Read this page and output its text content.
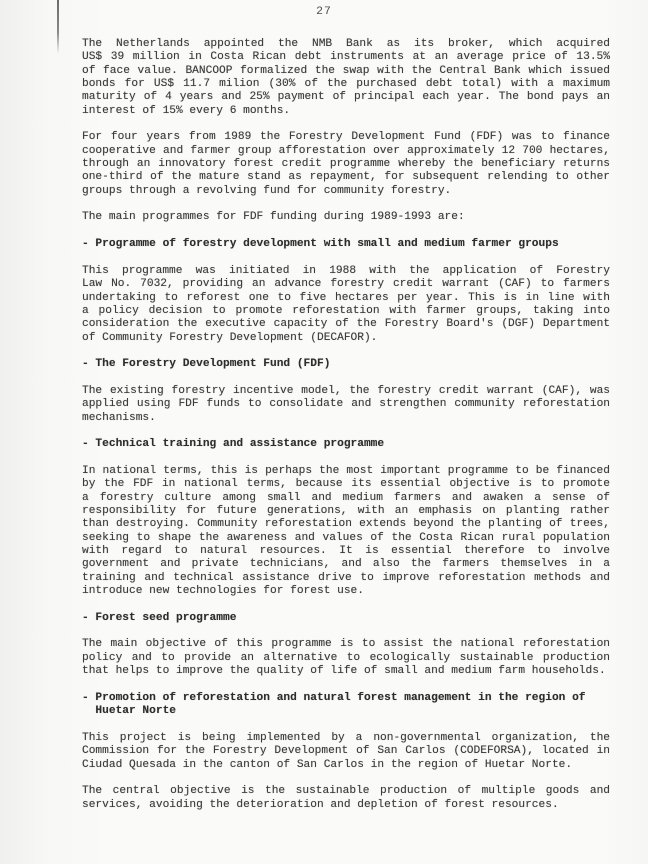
27
The Netherlands appointed the NMB Bank as its broker, which acquired
US$ 39 million in Costa Rican debt instruments at an average price of 13.5%
of face value. BANCOOP formalized the swap with the Central Bank which issued
bonds for US$ 11.7 milion (30% of the purchased debt total) with a maximum
maturity of 4 years and 25% payment of principal each year. The bond pays an
interest of 15% every 6 months.
For four years from 1989 the Forestry Development Fund (FDF) was to finance
cooperative and farmer group afforestation over approximately 12 700 hectares,
through an innovatory forest credit programme whereby the beneficiary returns
one-third of the mature stand as repayment, for subsequent relending to other
groups through a revolving fund for community forestry.
The main programmes for FDF funding during 1989-1993 are:
- Programme of forestry development with small and medium farmer groups
This programme was initiated in 1988 with the application of Forestry
Law No. 7032, providing an advance forestry credit warrant (CAF) to farmers
undertaking to reforest one to five hectares per year. This is in line with
a policy decision to promote reforestation with farmer groups, taking into
consideration the executive capacity of the Forestry Board's (DGF) Department
of Community Forestry Development (DECAFOR).
- The Forestry Development Fund (FDF)
The existing forestry incentive model, the forestry credit warrant (CAF), was
applied using FDF funds to consolidate and strengthen community reforestation
mechanisms.
- Technical training and assistance programme
In national terms, this is perhaps the most important programme to be financed
by the FDF in national terms, because its essential objective is to promote
a forestry culture among small and medium farmers and awaken a sense of
responsibility for future generations, with an emphasis on planting rather
than destroying. Community reforestation extends beyond the planting of trees,
seeking to shape the awareness and values of the Costa Rican rural population
with regard to natural resources. It is essential therefore to involve
government and private technicians, and also the farmers themselves in a
training and technical assistance drive to improve reforestation methods and
introduce new technologies for forest use.
- Forest seed programme
The main objective of this programme is to assist the national reforestation
policy and to provide an alternative to ecologically sustainable production
that helps to improve the quality of life of small and medium farm households.
- Promotion of reforestation and natural forest management in the region of
Huetar Norte
This project is being implemented by a non-governmental organization, the
Commission for the Forestry Development of San Carlos (CODEFORSA), located in
Ciudad Quesada in the canton of San Carlos in the region of Huetar Norte.
The central objective is the sustainable production of multiple goods and
services, avoiding the deterioration and depletion of forest resources.
